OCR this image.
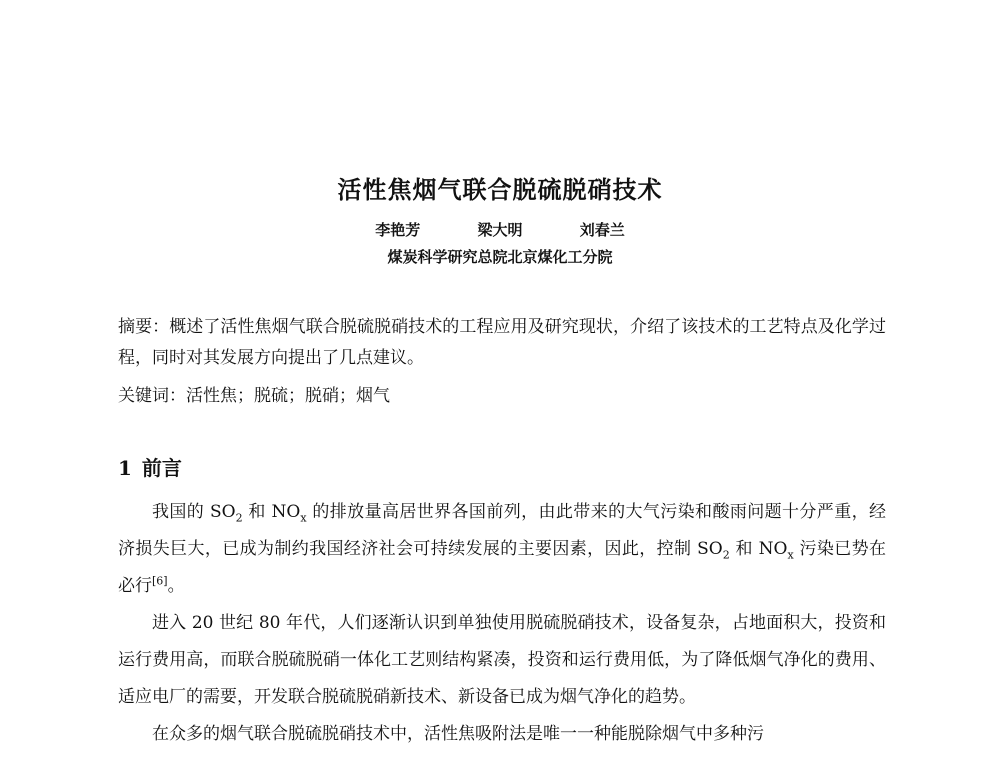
活性焦烟气联合脱硫脱硝技术
李艳芳	梁大明	刘春兰
煤炭科学研究总院北京煤化工分院
摘要：概述了活性焦烟气联合脱硫脱硝技术的工程应用及研究现状，介绍了该技术的工艺特点及化学过程，同时对其发展方向提出了几点建议。
关键词：活性焦；脱硫；脱硝；烟气
1 前言

我国的 $SO_2$ 和 $NO_x$ 的排放量高居世界各国前列，由此带来的大气污染和酸雨问题十分严重，经济损失巨大，已成为制约我国经济社会可持续发展的主要因素，因此，控制 $SO_2$ 和 $NO_x$ 污染已势在必行[6]。

进入 20 世纪 80 年代，人们逐渐认识到单独使用脱硫脱硝技术，设备复杂，占地面积大，投资和运行费用高，而联合脱硫脱硝一体化工艺则结构紧凑，投资和运行费用低，为了降低烟气净化的费用、适应电厂的需要，开发联合脱硫脱硝新技术、新设备已成为烟气净化的趋势。

在众多的烟气联合脱硫脱硝技术中，活性焦吸附法是唯一一种能脱除烟气中多种污
